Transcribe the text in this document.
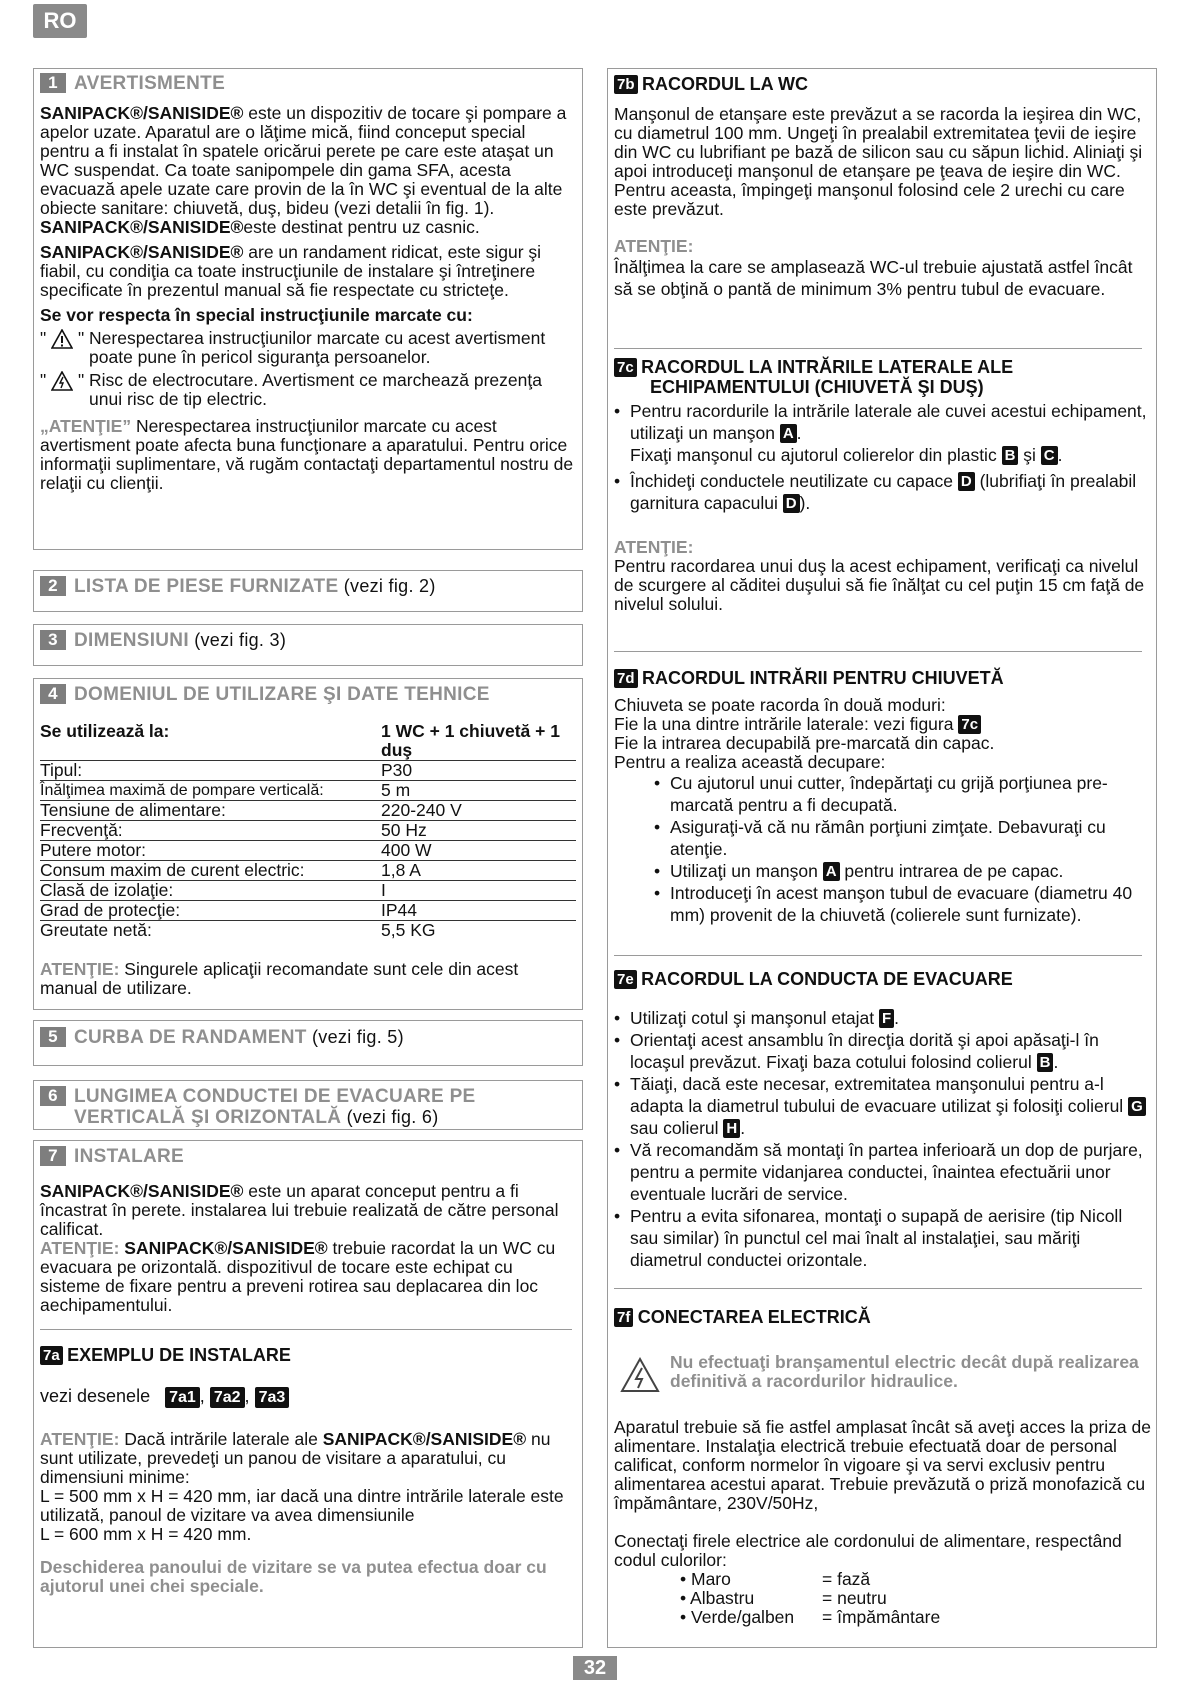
RO
32
1 AVERTISMENTE

SANIPACK®/SANISIDE® este un dispozitiv de tocare şi pompare a apelor uzate. Aparatul are o lăţime mică, fiind conceput special pentru a fi instalat în spatele oricărui perete pe care este ataşat un WC suspendat. Ca toate sanipompele din gama SFA, acesta evacuază apele uzate care provin de la în WC şi eventual de la alte obiecte sanitare: chiuvetă, duş, bideu (vezi detalii în fig. 1).

SANIPACK®/SANISIDE®este destinat pentru uz casnic.

SANIPACK®/SANISIDE® are un randament ridicat, este sigur şi fiabil, cu condiţia ca toate instrucţiunile de instalare şi întreţinere specificate în prezentul manual să fie respectate cu stricteţe.

Se vor respecta în special instrucţiunile marcate cu:

"  " Nerespectarea instrucţiunilor marcate cu acest avertisment poate pune în pericol siguranţa persoanelor.
"  " Risc de electrocutare. Avertisment ce marchează prezenţa unui risc de tip electric.

„ATENŢIE” Nerespectarea instrucţiunilor marcate cu acest avertisment poate afecta buna funcţionare a aparatului. Pentru orice informaţii suplimentare, vă rugăm contactaţi departamentul nostru de relaţii cu clienţii.

2 LISTA DE PIESE FURNIZATE (vezi fig. 2)
3 DIMENSIUNI (vezi fig. 3)
4 DOMENIUL DE UTILIZARE ŞI DATE TEHNICE
Se utilizează la:	1 WC + 1 chiuvetă + 1 duş
Tipul:	P30
Înălţimea maximă de pompare verticală:	5 m
Tensiune de alimentare:	220-240 V
Frecvenţă:	50 Hz
Putere motor:	400 W
Consum maxim de curent electric:	1,8 A
Clasă de izolaţie:	I
Grad de protecţie:	IP44
Greutate netă:	5,5 KG

ATENŢIE: Singurele aplicaţii recomandate sunt cele din acest manual de utilizare.

5 CURBA DE RANDAMENT (vezi fig. 5)
6 LUNGIMEA CONDUCTEI DE EVACUARE PE
VERTICALĂ ŞI ORIZONTALĂ (vezi fig. 6)
7 INSTALARE

SANIPACK®/SANISIDE® este un aparat conceput pentru a fi încastrat în perete. instalarea lui trebuie realizată de către personal calificat.

ATENŢIE: SANIPACK®/SANISIDE® trebuie racordat la un WC cu evacuara pe orizontală. dispozitivul de tocare este echipat cu sisteme de fixare pentru a preveni rotirea sau deplacarea din loc aechipamentului.

7a EXEMPLU DE INSTALARE
vezi desenele 7a1 , 7a2 , 7a3

ATENŢIE: Dacă intrările laterale ale SANIPACK®/SANISIDE® nu sunt utilizate, prevedeţi un panou de visitare a aparatului, cu dimensiuni minime:

L = 500 mm x H = 420 mm, iar dacă una dintre intrările laterale este utilizată, panoul de vizitare va avea dimensiunile

L = 600 mm x H = 420 mm.

Deschiderea panoului de vizitare se va putea efectua doar cu ajutorul unei chei speciale.

7b RACORDUL LA WC

Manşonul de etanşare este prevăzut a se racorda la ieşirea din WC, cu diametrul 100 mm. Ungeţi în prealabil extremitatea ţevii de ieşire din WC cu lubrifiant pe bază de silicon sau cu săpun lichid. Aliniaţi şi apoi introduceţi manşonul de etanşare pe ţeava de ieşire din WC. Pentru aceasta, împingeţi manşonul folosind cele 2 urechi cu care este prevăzut.

ATENŢIE:

Înălţimea la care se amplasează WC-ul trebuie ajustată astfel încât să se obţină o pantă de minimum 3% pentru tubul de evacuare.

7c RACORDUL LA INTRĂRILE LATERALE ALE
ECHIPAMENTULUI (CHIUVETĂ ŞI DUŞ)
• Pentru racordurile la intrările laterale ale cuvei acestui echipament, utilizaţi un manşon A .
Fixaţi manşonul cu ajutorul colierelor din plastic B şi C .
• Închideţi conductele neutilizate cu capace D (lubrifiaţi în prealabil garnitura capacului D ).

ATENŢIE:

Pentru racordarea unui duş la acest echipament, verificaţi ca nivelul de scurgere al căditei duşului să fie înălţat cu cel puţin 15 cm faţă de nivelul solului.

7d RACORDUL INTRĂRII PENTRU CHIUVETĂ

Chiuveta se poate racorda în două moduri:

Fie la una dintre intrările laterale: vezi figura 7c

Fie la intrarea decupabilă pre-marcată din capac.

Pentru a realiza această decupare:

• Cu ajutorul unui cutter, îndepărtaţi cu grijă porţiunea pre-marcată pentru a fi decupată.
• Asiguraţi-vă că nu rămân porţiuni zimţate. Debavuraţi cu atenţie.
• Utilizaţi un manşon A pentru intrarea de pe capac.
• Introduceţi în acest manşon tubul de evacuare (diametru 40 mm) provenit de la chiuvetă (colierele sunt furnizate).
7e RACORDUL LA CONDUCTA DE EVACUARE
• Utilizaţi cotul şi manşonul etajat F .
• Orientaţi acest ansamblu în direcţia dorită şi apoi apăsaţi-l în locaşul prevăzut. Fixaţi baza cotului folosind colierul B .
• Tăiaţi, dacă este necesar, extremitatea manşonului pentru a-l adapta la diametrul tubului de evacuare utilizat şi folosiţi colierul G sau colierul H .
• Vă recomandăm să montaţi în partea inferioară un dop de purjare, pentru a permite vidanjarea conductei, înaintea efectuării unor eventuale lucrări de service.
• Pentru a evita sifonarea, montaţi o supapă de aerisire (tip Nicoll sau similar) în punctul cel mai înalt al instalaţiei, sau măriţi diametrul conductei orizontale.
7f CONECTAREA ELECTRICĂ

Nu efectuaţi branşamentul electric decât după realizarea definitivă a racordurilor hidraulice.

Aparatul trebuie să fie astfel amplasat încât să aveţi acces la priza de alimentare. Instalaţia electrică trebuie efectuată doar de personal calificat, conform normelor în vigoare şi va servi exclusiv pentru alimentarea acestui aparat. Trebuie prevăzută o priză monofazică cu împământare, 230V/50Hz,

Conectaţi firele electrice ale cordonului de alimentare, respectând codul culorilor:

• Maro	= fază
• Albastru	= neutru
• Verde/galben	= împământare
